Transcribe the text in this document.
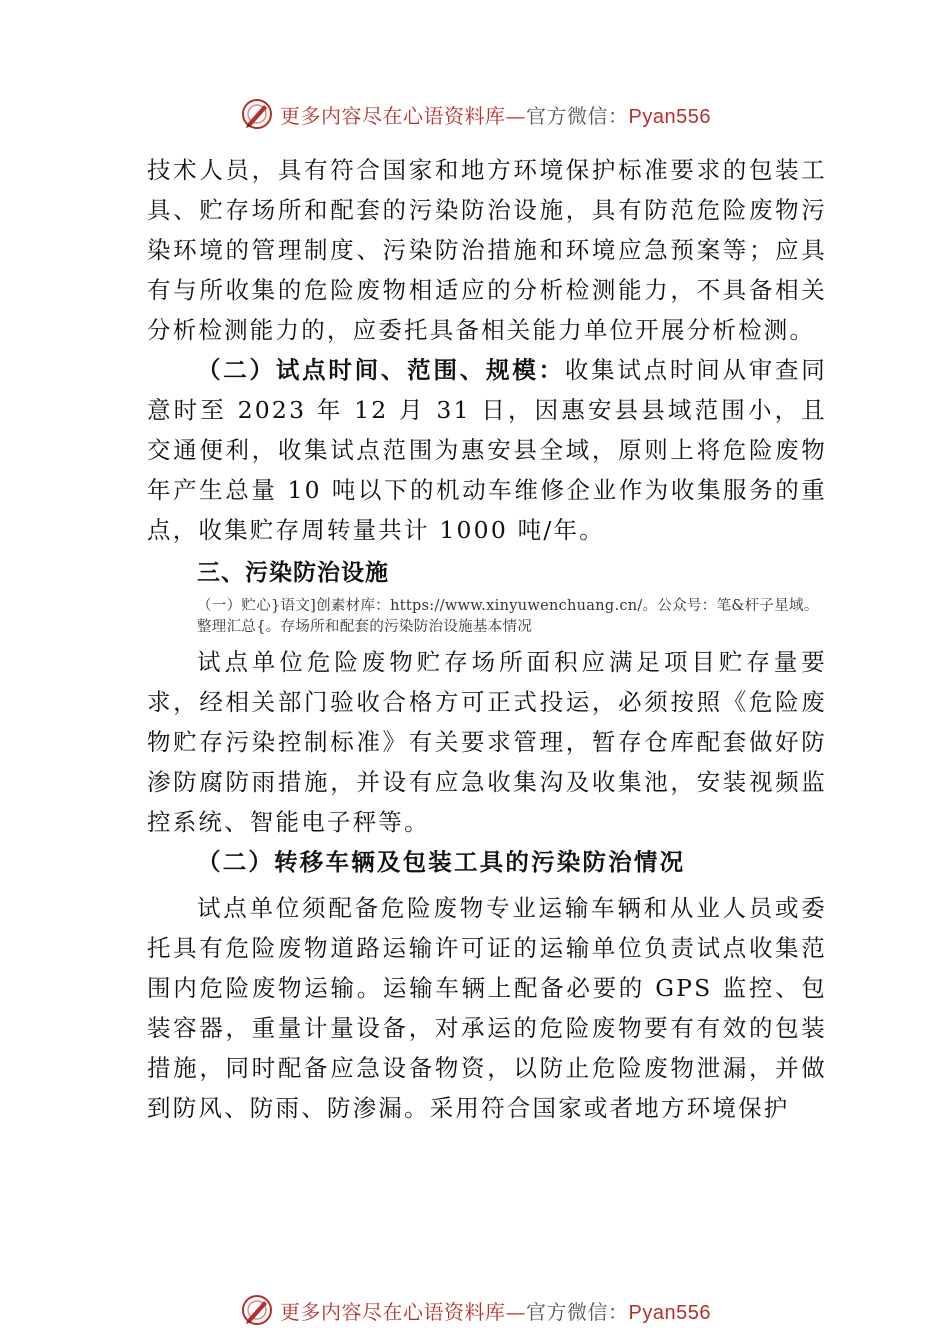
更多内容尽在心语资料库—官方微信：Pyan556

技术人员，具有符合国家和地方环境保护标准要求的包装工具、贮存场所和配套的污染防治设施，具有防范危险废物污染环境的管理制度、污染防治措施和环境应急预案等；应具有与所收集的危险废物相适应的分析检测能力，不具备相关分析检测能力的，应委托具备相关能力单位开展分析检测。

（二）试点时间、范围、规模：收集试点时间从审查同意时至 2023 年 12 月 31 日，因惠安县县域范围小，且交通便利，收集试点范围为惠安县全域，原则上将危险废物年产生总量 10 吨以下的机动车维修企业作为收集服务的重点，收集贮存周转量共计 1000 吨/年。

三、污染防治设施

（一）贮心}语文]创素材库：https://www.xinyuwenchuang.cn/。公众号：笔&杆子星域。整理汇总{。存场所和配套的污染防治设施基本情况

试点单位危险废物贮存场所面积应满足项目贮存量要求，经相关部门验收合格方可正式投运，必须按照《危险废物贮存污染控制标准》有关要求管理，暂存仓库配套做好防渗防腐防雨措施，并设有应急收集沟及收集池，安装视频监控系统、智能电子秤等。

（二）转移车辆及包装工具的污染防治情况

试点单位须配备危险废物专业运输车辆和从业人员或委托具有危险废物道路运输许可证的运输单位负责试点收集范围内危险废物运输。运输车辆上配备必要的 GPS 监控、包装容器，重量计量设备，对承运的危险废物要有有效的包装措施，同时配备应急设备物资，以防止危险废物泄漏，并做到防风、防雨、防渗漏。采用符合国家或者地方环境保护

更多内容尽在心语资料库—官方微信：Pyan556
